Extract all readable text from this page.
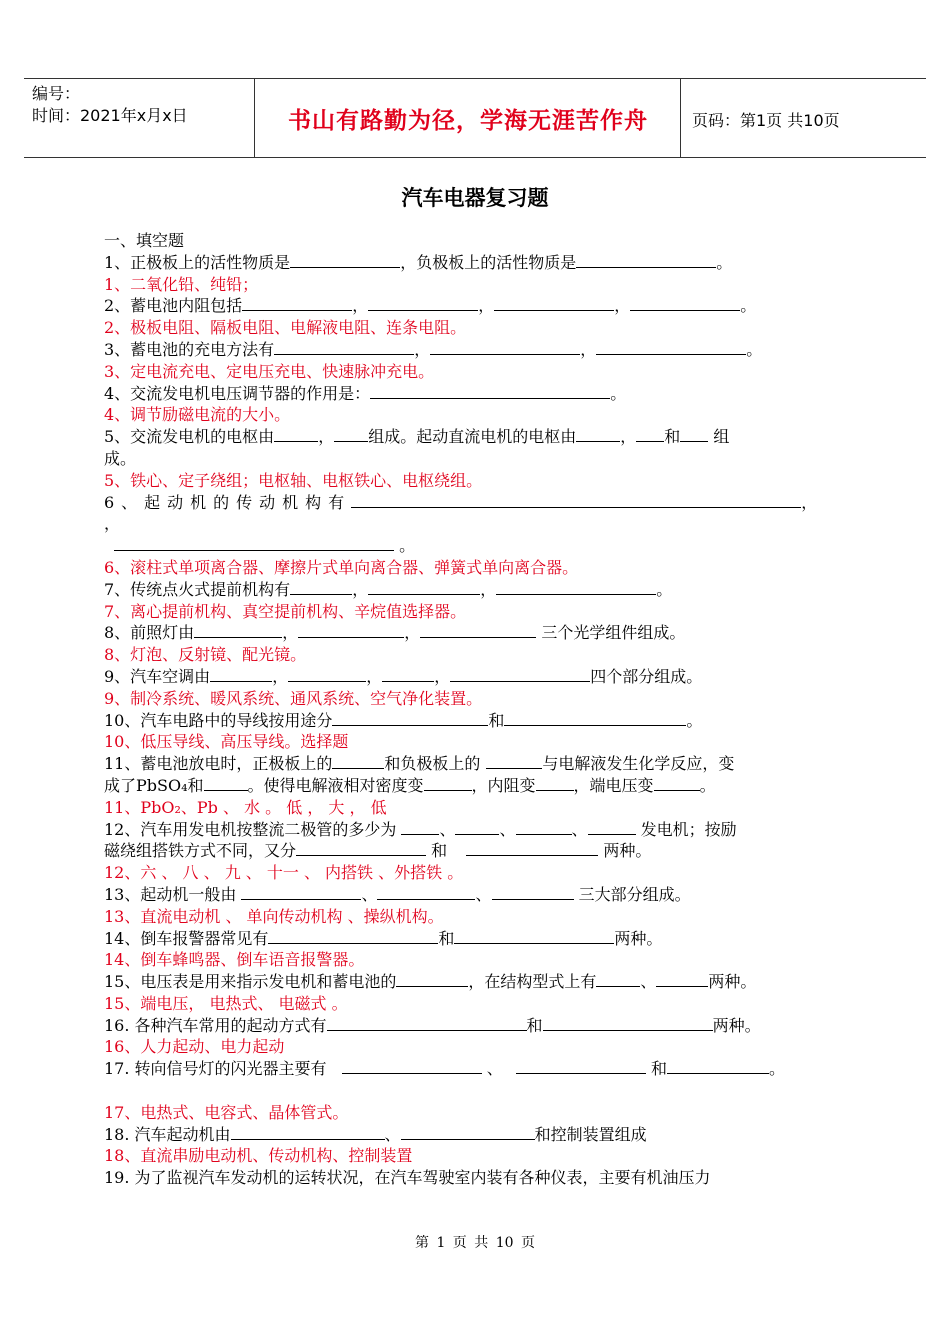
编号：
时间：2021年x月x日	书山有路勤为径，学海无涯苦作舟	页码：第1页 共10页
汽车电器复习题
一、填空题
1、正极板上的活性物质是	，负极板上的活性物质是	。
1、二氧化铅、纯铅；
2、蓄电池内阻包括	，	，	，	。
2、极板电阻、隔板电阻、电解液电阻、连条电阻。
3、蓄电池的充电方法有	，	，	。
3、定电流充电、定电压充电、快速脉冲充电。
4、交流发电机电压调节器的作用是：	。
4、调节励磁电流的大小。
5、交流发电机的电枢由	， 组成。起动直流电机的电枢由	， 和 组
成。
5、铁心、定子绕组；电枢轴、电枢铁心、电枢绕组。
6、起动机的传动机构有	，
，
。
6、滚柱式单项离合器、摩擦片式单向离合器、弹簧式单向离合器。
7、传统点火式提前机构有	，	，	。
7、离心提前机构、真空提前机构、辛烷值选择器。
8、前照灯由	，	，	三个光学组件组成。
8、灯泡、反射镜、配光镜。
9、汽车空调由	，	，	，	四个部分组成。
9、制冷系统、暖风系统、通风系统、空气净化装置。
10、汽车电路中的导线按用途分	和	。
10、低压导线、高压导线。选择题
11、蓄电池放电时，正极板上的	和负极板上的	与电解液发生化学反应，变
成了PbSO₄和	。使得电解液相对密度变	，内阻变 ，端电压变	。
11、PbO₂、Pb 、 水 。 低 ， 大 ， 低
12、汽车用发电机按整流二极管的多少为	、	、	、	发电机；按励
磁绕组搭铁方式不同，又分	和	两种。
12、六 、 八 、 九 、 十一 、 内搭铁 、外搭铁 。
13、起动机一般由	、	、	三大部分组成。
13、直流电动机 、 单向传动机构 、操纵机构。
14、倒车报警器常见有	和	两种。
14、倒车蜂鸣器、倒车语音报警器。
15、电压表是用来指示发电机和蓄电池的	，在结构型式上有	、	两种。
15、端电压， 电热式、 电磁式 。
16. 各种汽车常用的起动方式有	和	两种。
16、人力起动、电力起动
17. 转向信号灯的闪光器主要有	、	和	。
17、电热式、电容式、晶体管式。
18. 汽车起动机由	、	和控制装置组成
18、直流串励电动机、传动机构、控制装置
19. 为了监视汽车发动机的运转状况，在汽车驾驶室内装有各种仪表，主要有机油压力
第 1 页 共 10 页
